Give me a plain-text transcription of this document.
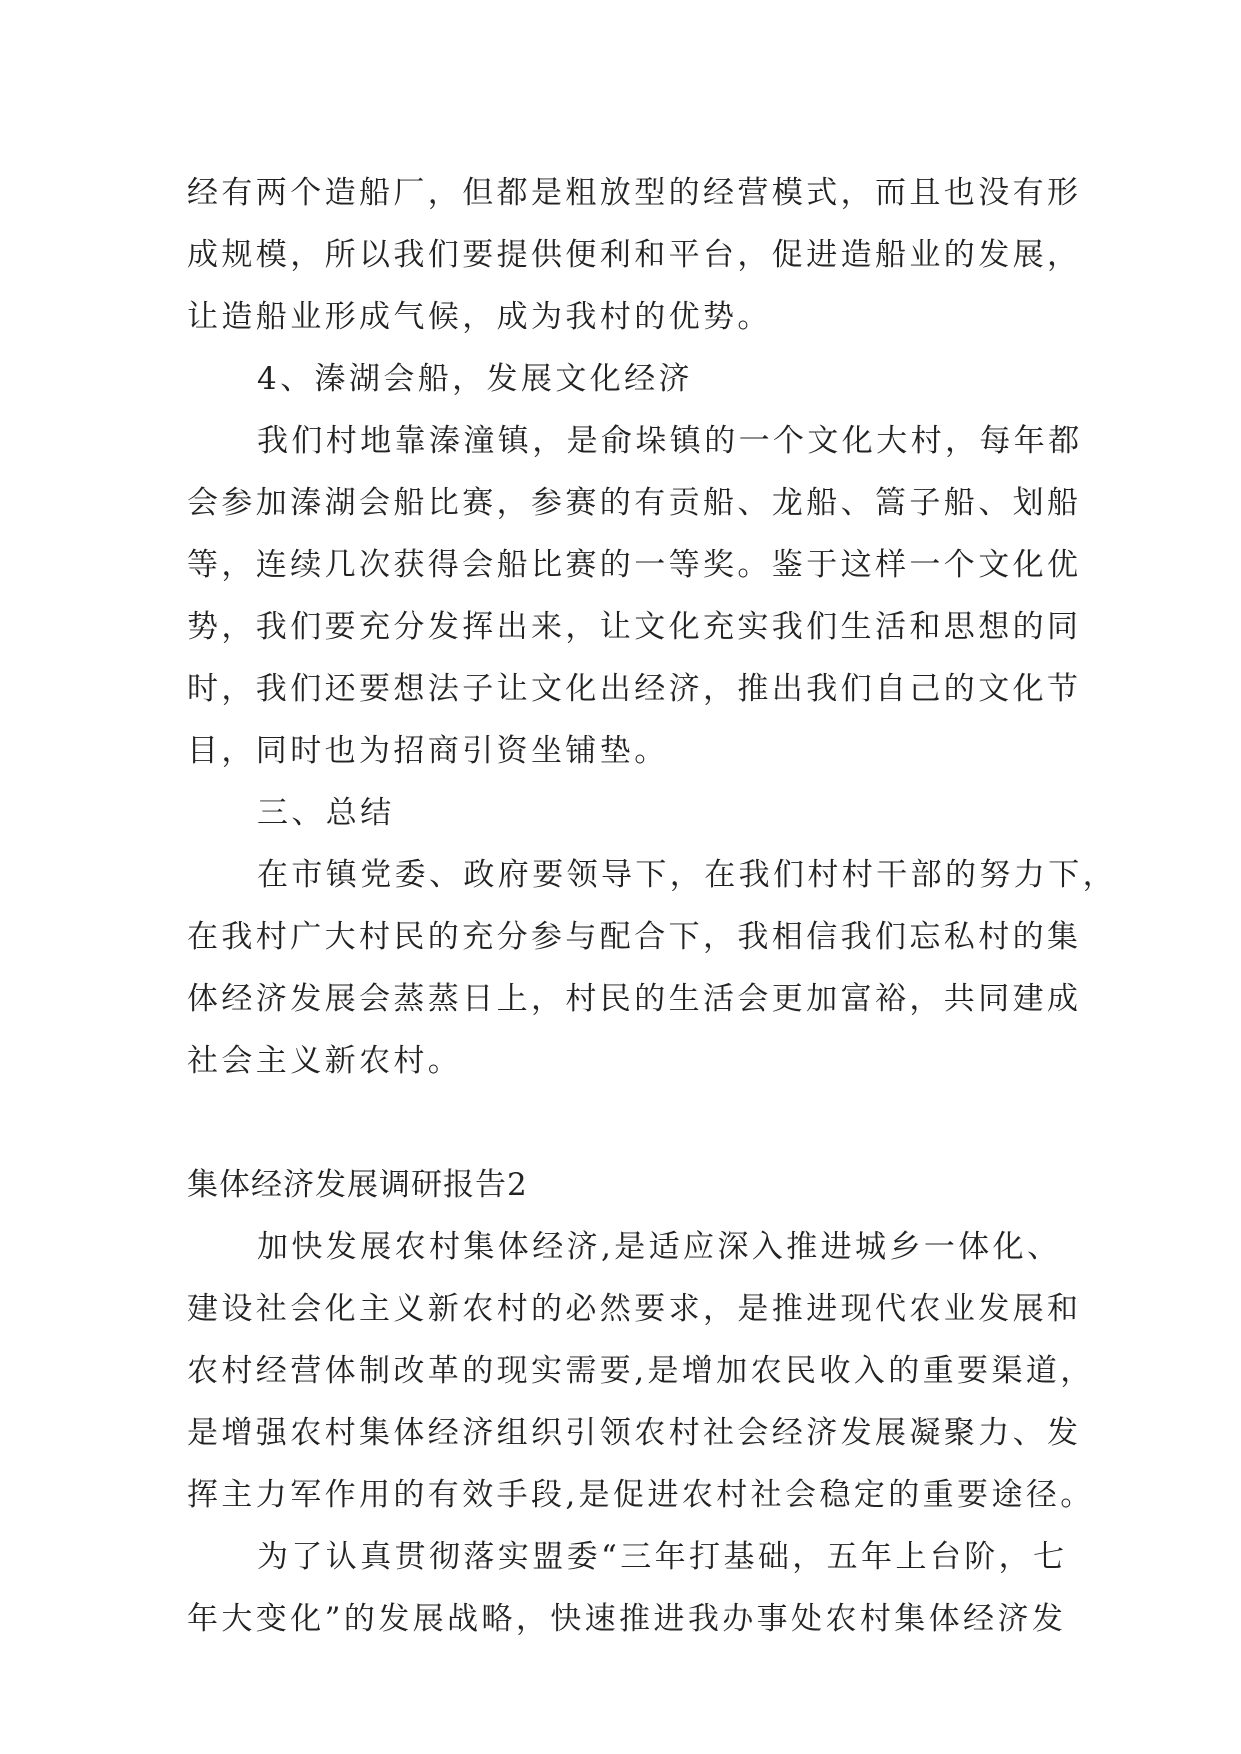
经有两个造船厂，但都是粗放型的经营模式，而且也没有形
成规模，所以我们要提供便利和平台，促进造船业的发展，
让造船业形成气候，成为我村的优势。
4、溱湖会船，发展文化经济
我们村地靠溱潼镇，是俞垛镇的一个文化大村，每年都
会参加溱湖会船比赛，参赛的有贡船、龙船、篙子船、划船
等，连续几次获得会船比赛的一等奖。鉴于这样一个文化优
势，我们要充分发挥出来，让文化充实我们生活和思想的同
时，我们还要想法子让文化出经济，推出我们自己的文化节
目，同时也为招商引资坐铺垫。
三、总结
在市镇党委、政府要领导下，在我们村村干部的努力下，
在我村广大村民的充分参与配合下，我相信我们忘私村的集
体经济发展会蒸蒸日上，村民的生活会更加富裕，共同建成
社会主义新农村。
集体经济发展调研报告2
加快发展农村集体经济,是适应深入推进城乡一体化、
建设社会化主义新农村的必然要求，是推进现代农业发展和
农村经营体制改革的现实需要,是增加农民收入的重要渠道，
是增强农村集体经济组织引领农村社会经济发展凝聚力、发
挥主力军作用的有效手段,是促进农村社会稳定的重要途径。
为了认真贯彻落实盟委“三年打基础，五年上台阶，七
年大变化”的发展战略，快速推进我办事处农村集体经济发
